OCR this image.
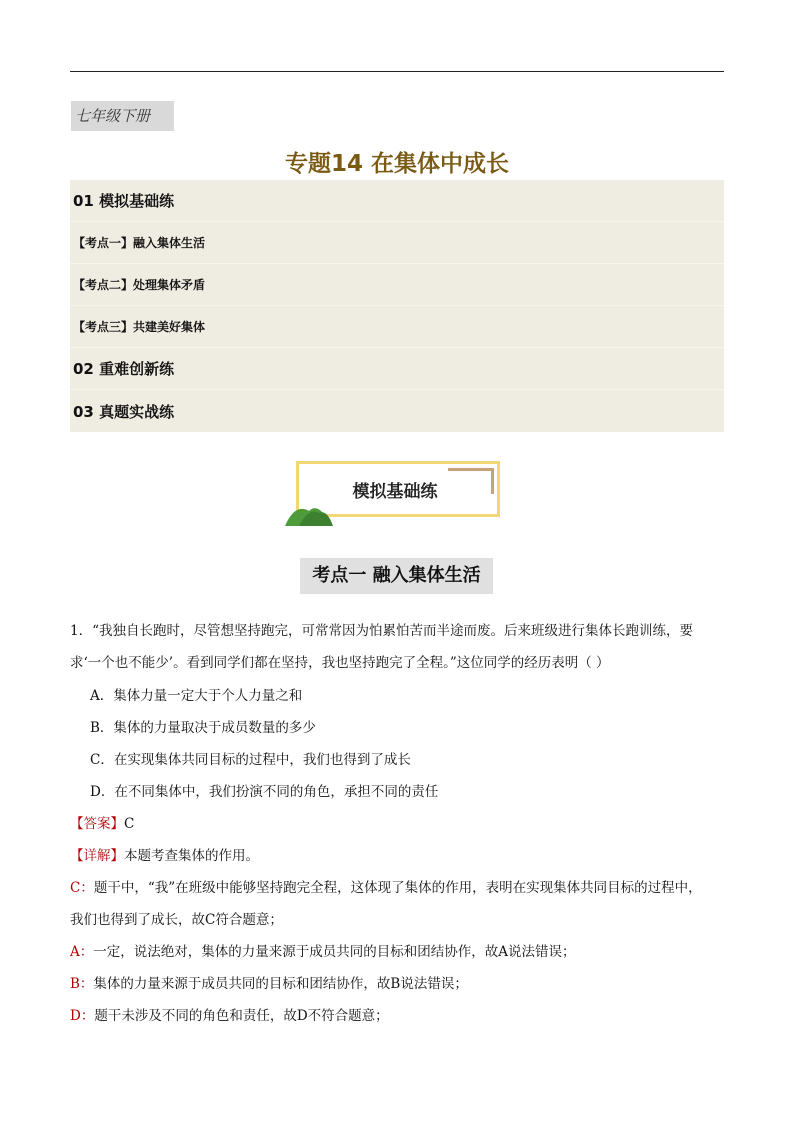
七年级下册
专题14 在集体中成长
01 模拟基础练
【考点一】融入集体生活
【考点二】处理集体矛盾
【考点三】共建美好集体
02 重难创新练
03 真题实战练
模拟基础练
考点一 融入集体生活
1．“我独自长跑时，尽管想坚持跑完，可常常因为怕累怕苦而半途而废。后来班级进行集体长跑训练，要
求‘一个也不能少’。看到同学们都在坚持，我也坚持跑完了全程。”这位同学的经历表明（ ）
A．集体力量一定大于个人力量之和
B．集体的力量取决于成员数量的多少
C．在实现集体共同目标的过程中，我们也得到了成长
D．在不同集体中，我们扮演不同的角色，承担不同的责任
【答案】C
【详解】本题考查集体的作用。
C：题干中，“我”在班级中能够坚持跑完全程，这体现了集体的作用，表明在实现集体共同目标的过程中，
我们也得到了成长，故C符合题意；
A：一定，说法绝对，集体的力量来源于成员共同的目标和团结协作，故A说法错误；
B：集体的力量来源于成员共同的目标和团结协作，故B说法错误；
D：题干未涉及不同的角色和责任，故D不符合题意；
